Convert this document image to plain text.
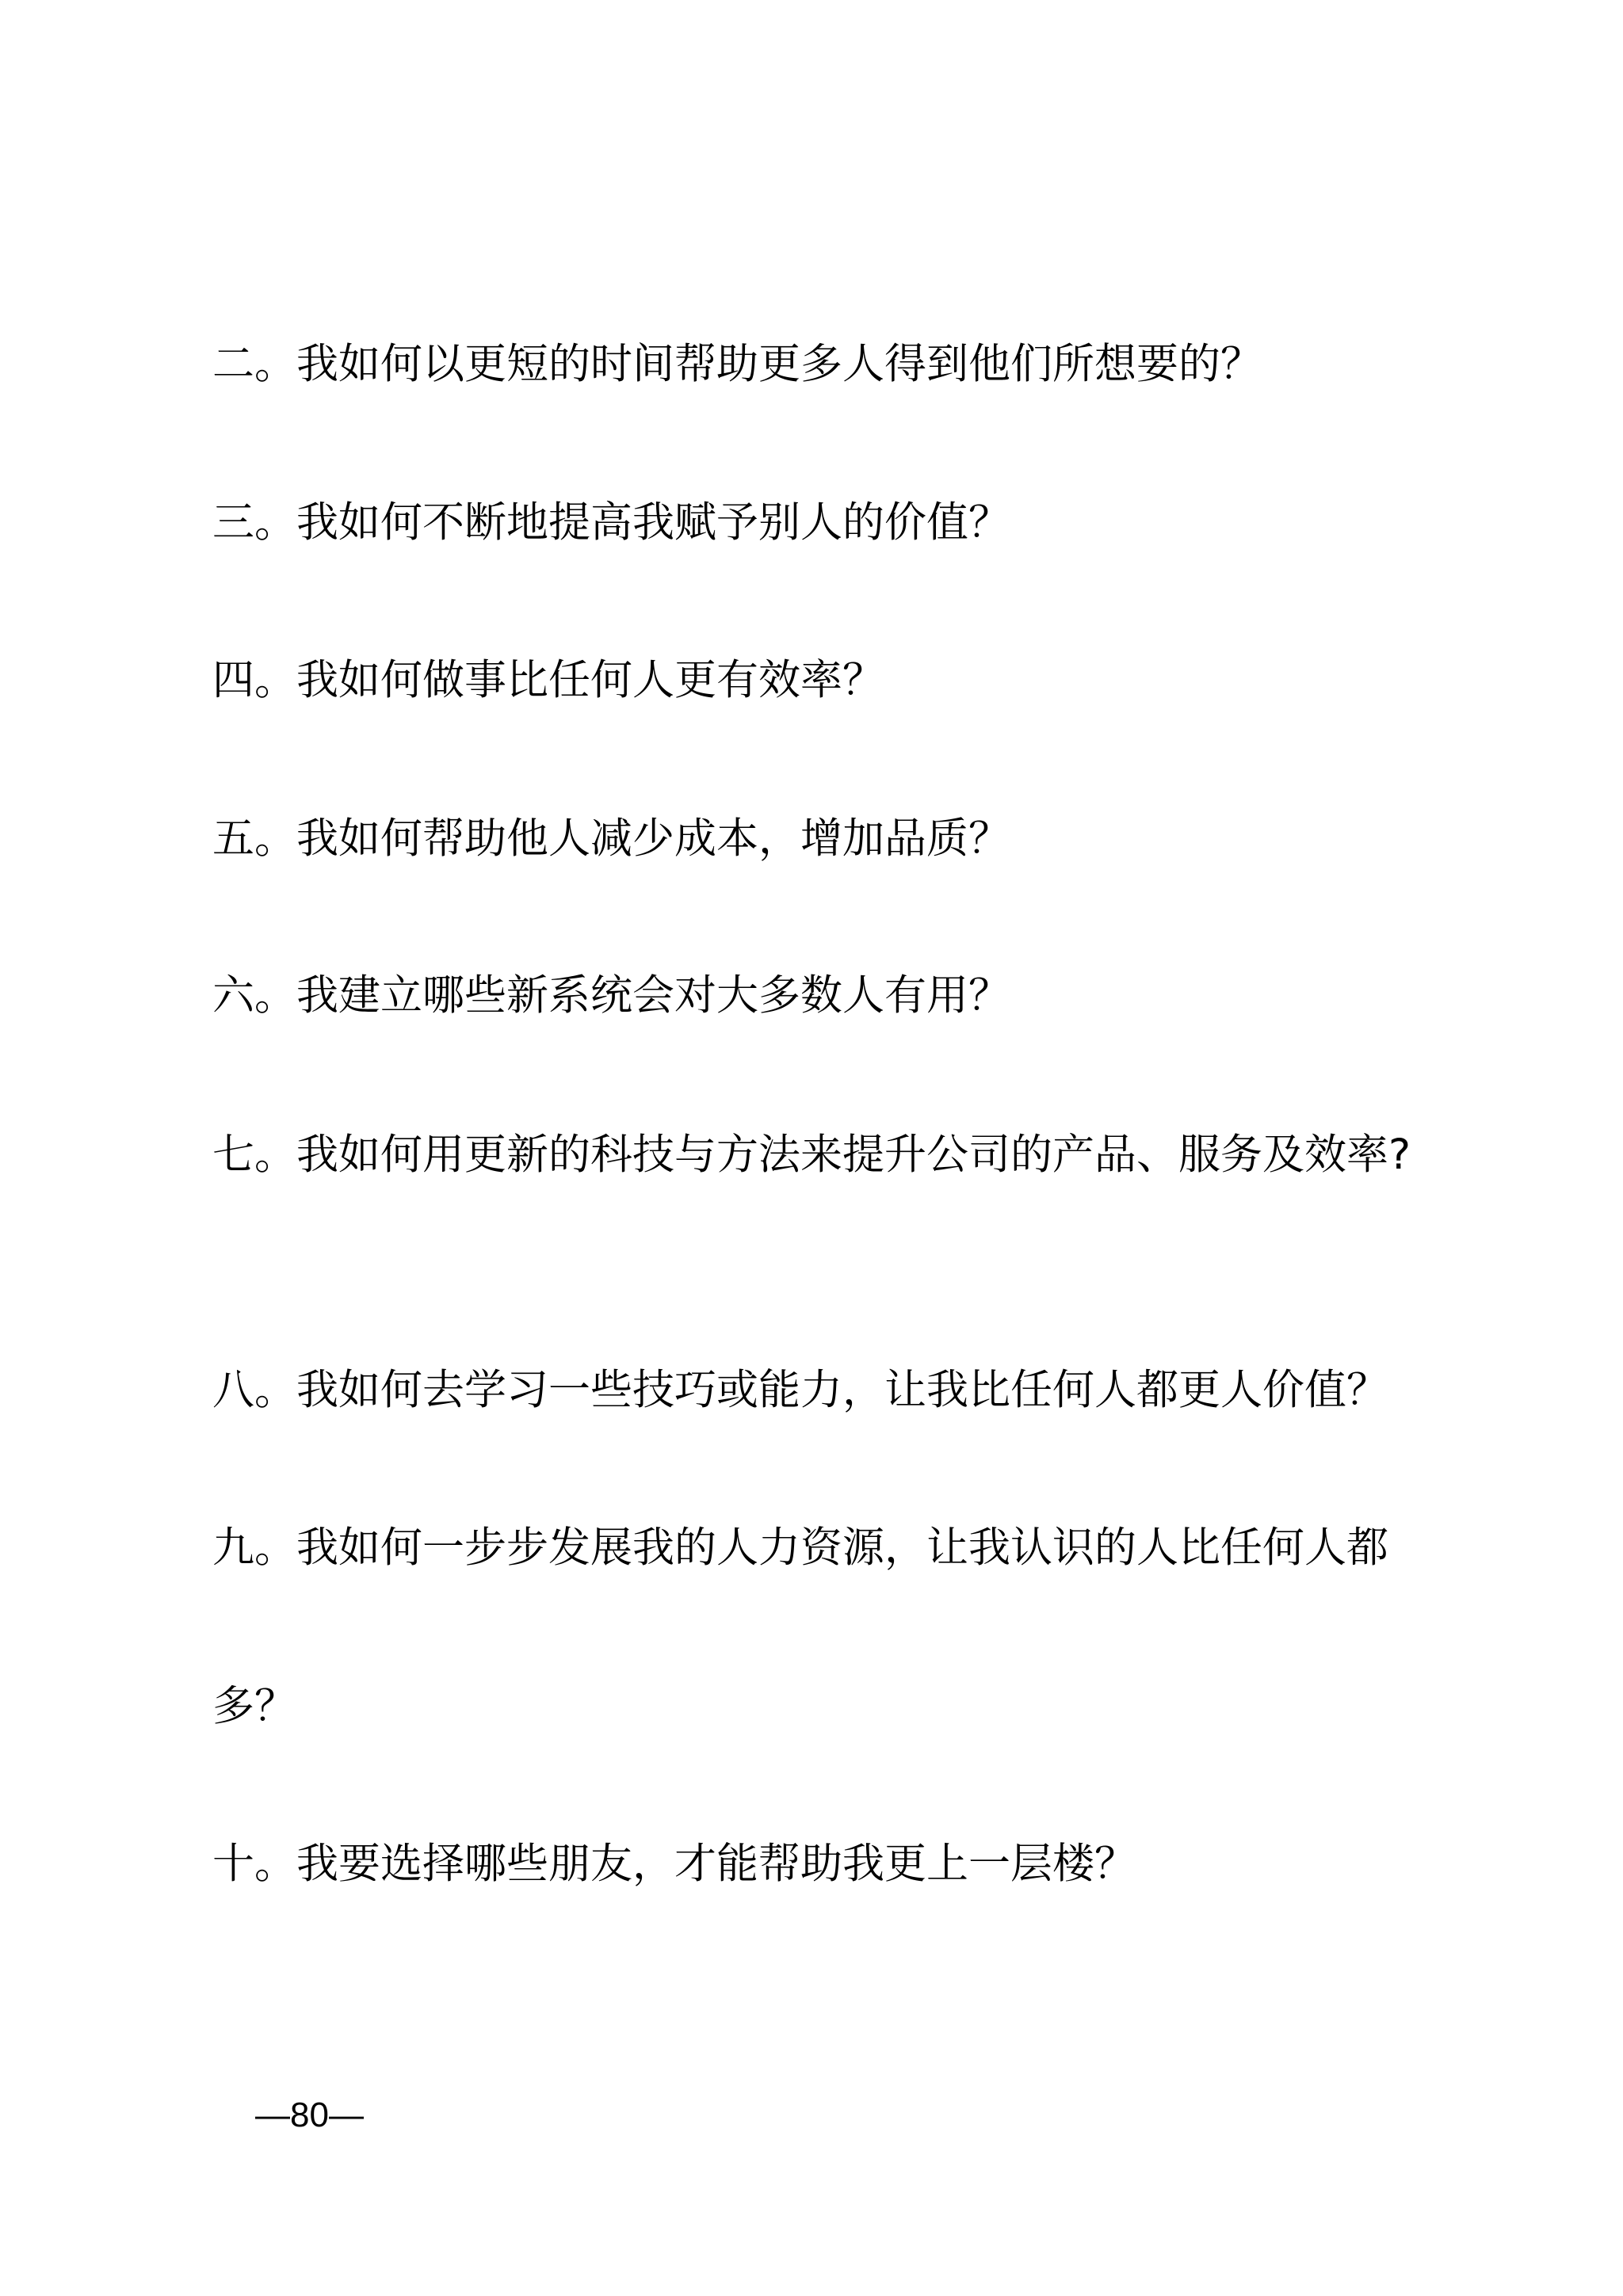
二。我如何以更短的时间帮助更多人得到他们所想要的？
三。我如何不断地提高我赋予别人的价值？
四。我如何做事比任何人更有效率？
五。我如何帮助他人减少成本，增加品质？
六。我建立哪些新系统会对大多数人有用？
七。我如何用更新的科技与方法来提升公司的产品、服务及效率?
八。我如何去学习一些技巧或能力，让我比任何人都更人价值？
九。我如何一步步发展我的人力资源，让我认识的人比任何人都
多？
十。我要选择哪些朋友，才能帮助我更上一层楼？
—80—
